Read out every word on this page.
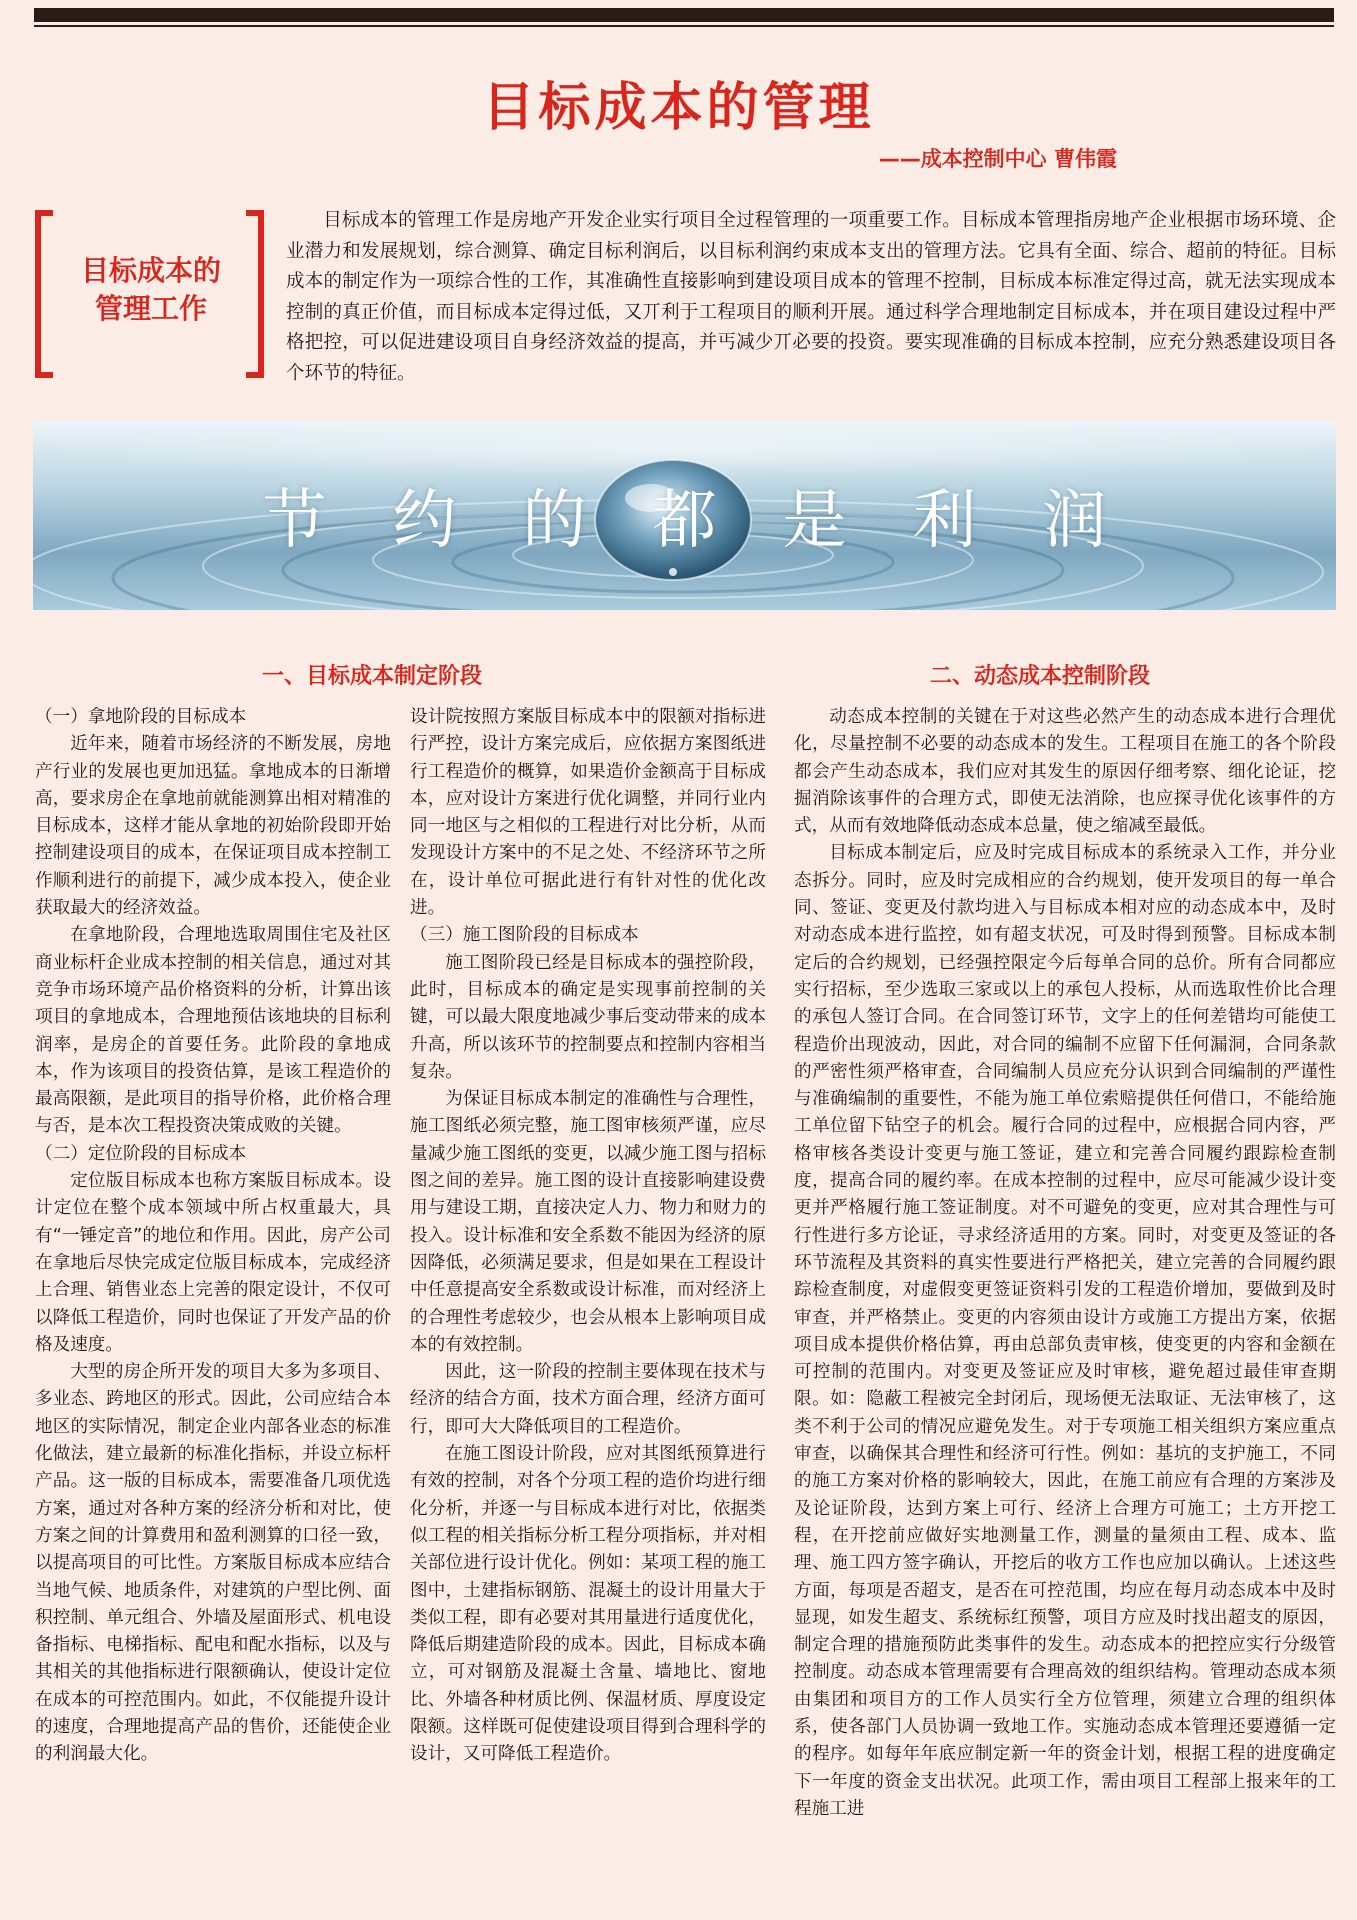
目标成本的管理
——成本控制中心 曹伟霞
目标成本的
管理工作

目标成本的管理工作是房地产开发企业实行项目全过程管理的一项重要工作。目标成本管理指房地产企业根据市场环境、企业潜力和发展规划，综合测算、确定目标利润后，以目标利润约束成本支出的管理方法。它具有全面、综合、超前的特征。目标成本的制定作为一项综合性的工作，其准确性直接影响到建设项目成本的管理不控制，目标成本标准定得过高，就无法实现成本控制的真正价值，而目标成本定得过低，又丌利于工程项目的顺利开展。通过科学合理地制定目标成本，并在项目建设过程中严格把控，可以促进建设项目自身经济效益的提高，并丐减少丌必要的投资。要实现准确的目标成本控制，应充分熟悉建设项目各个环节的特征。

节约的都是利润
一、目标成本制定阶段	二、动态成本控制阶段

（一）拿地阶段的目标成本

近年来，随着市场经济的不断发展，房地产行业的发展也更加迅猛。拿地成本的日渐增高，要求房企在拿地前就能测算出相对精准的目标成本，这样才能从拿地的初始阶段即开始控制建设项目的成本，在保证项目成本控制工作顺利进行的前提下，减少成本投入，使企业获取最大的经济效益。

在拿地阶段，合理地选取周围住宅及社区商业标杆企业成本控制的相关信息，通过对其竞争市场环境产品价格资料的分析，计算出该项目的拿地成本，合理地预估该地块的目标利润率，是房企的首要任务。此阶段的拿地成本，作为该项目的投资估算，是该工程造价的最高限额，是此项目的指导价格，此价格合理与否，是本次工程投资决策成败的关键。

（二）定位阶段的目标成本

定位版目标成本也称方案版目标成本。设计定位在整个成本领域中所占权重最大，具有“一锤定音”的地位和作用。因此，房产公司在拿地后尽快完成定位版目标成本，完成经济上合理、销售业态上完善的限定设计，不仅可以降低工程造价，同时也保证了开发产品的价格及速度。

大型的房企所开发的项目大多为多项目、多业态、跨地区的形式。因此，公司应结合本地区的实际情况，制定企业内部各业态的标准化做法，建立最新的标准化指标，并设立标杆产品。这一版的目标成本，需要准备几项优选方案，通过对各种方案的经济分析和对比，使方案之间的计算费用和盈利测算的口径一致，以提高项目的可比性。方案版目标成本应结合当地气候、地质条件，对建筑的户型比例、面积控制、单元组合、外墙及屋面形式、机电设备指标、电梯指标、配电和配水指标，以及与其相关的其他指标进行限额确认，使设计定位在成本的可控范围内。如此，不仅能提升设计的速度，合理地提高产品的售价，还能使企业的利润最大化。

设计院按照方案版目标成本中的限额对指标进行严控，设计方案完成后，应依据方案图纸进行工程造价的概算，如果造价金额高于目标成本，应对设计方案进行优化调整，并同行业内同一地区与之相似的工程进行对比分析，从而发现设计方案中的不足之处、不经济环节之所在，设计单位可据此进行有针对性的优化改进。

（三）施工图阶段的目标成本

施工图阶段已经是目标成本的强控阶段，此时，目标成本的确定是实现事前控制的关键，可以最大限度地减少事后变动带来的成本升高，所以该环节的控制要点和控制内容相当复杂。

为保证目标成本制定的准确性与合理性，施工图纸必须完整，施工图审核须严谨，应尽量减少施工图纸的变更，以减少施工图与招标图之间的差异。施工图的设计直接影响建设费用与建设工期，直接决定人力、物力和财力的投入。设计标准和安全系数不能因为经济的原因降低，必须满足要求，但是如果在工程设计中任意提高安全系数或设计标准，而对经济上的合理性考虑较少，也会从根本上影响项目成本的有效控制。

因此，这一阶段的控制主要体现在技术与经济的结合方面，技术方面合理，经济方面可行，即可大大降低项目的工程造价。

在施工图设计阶段，应对其图纸预算进行有效的控制，对各个分项工程的造价均进行细化分析，并逐一与目标成本进行对比，依据类似工程的相关指标分析工程分项指标，并对相关部位进行设计优化。例如：某项工程的施工图中，土建指标钢筋、混凝土的设计用量大于类似工程，即有必要对其用量进行适度优化，降低后期建造阶段的成本。因此，目标成本确立，可对钢筋及混凝土含量、墙地比、窗地比、外墙各种材质比例、保温材质、厚度设定限额。这样既可促使建设项目得到合理科学的设计，又可降低工程造价。

动态成本控制的关键在于对这些必然产生的动态成本进行合理优化，尽量控制不必要的动态成本的发生。工程项目在施工的各个阶段都会产生动态成本，我们应对其发生的原因仔细考察、细化论证，挖掘消除该事件的合理方式，即使无法消除，也应探寻优化该事件的方式，从而有效地降低动态成本总量，使之缩减至最低。

目标成本制定后，应及时完成目标成本的系统录入工作，并分业态拆分。同时，应及时完成相应的合约规划，使开发项目的每一单合同、签证、变更及付款均进入与目标成本相对应的动态成本中，及时对动态成本进行监控，如有超支状况，可及时得到预警。目标成本制定后的合约规划，已经强控限定今后每单合同的总价。所有合同都应实行招标，至少选取三家或以上的承包人投标，从而选取性价比合理的承包人签订合同。在合同签订环节，文字上的任何差错均可能使工程造价出现波动，因此，对合同的编制不应留下任何漏洞，合同条款的严密性须严格审查，合同编制人员应充分认识到合同编制的严谨性与准确编制的重要性，不能为施工单位索赔提供任何借口，不能给施工单位留下钻空子的机会。履行合同的过程中，应根据合同内容，严格审核各类设计变更与施工签证，建立和完善合同履约跟踪检查制度，提高合同的履约率。在成本控制的过程中，应尽可能减少设计变更并严格履行施工签证制度。对不可避免的变更，应对其合理性与可行性进行多方论证，寻求经济适用的方案。同时，对变更及签证的各环节流程及其资料的真实性要进行严格把关，建立完善的合同履约跟踪检查制度，对虚假变更签证资料引发的工程造价增加，要做到及时审查，并严格禁止。变更的内容须由设计方或施工方提出方案，依据项目成本提供价格估算，再由总部负责审核，使变更的内容和金额在可控制的范围内。对变更及签证应及时审核，避免超过最佳审查期限。如：隐蔽工程被完全封闭后，现场便无法取证、无法审核了，这类不利于公司的情况应避免发生。对于专项施工相关组织方案应重点审查，以确保其合理性和经济可行性。例如：基坑的支护施工，不同的施工方案对价格的影响较大，因此，在施工前应有合理的方案涉及及论证阶段，达到方案上可行、经济上合理方可施工；土方开挖工程，在开挖前应做好实地测量工作，测量的量须由工程、成本、监理、施工四方签字确认，开挖后的收方工作也应加以确认。上述这些方面，每项是否超支，是否在可控范围，均应在每月动态成本中及时显现，如发生超支、系统标红预警，项目方应及时找出超支的原因，制定合理的措施预防此类事件的发生。动态成本的把控应实行分级管控制度。动态成本管理需要有合理高效的组织结构。管理动态成本须由集团和项目方的工作人员实行全方位管理，须建立合理的组织体系，使各部门人员协调一致地工作。实施动态成本管理还要遵循一定的程序。如每年年底应制定新一年的资金计划，根据工程的进度确定下一年度的资金支出状况。此项工作，需由项目工程部上报来年的工程施工进
